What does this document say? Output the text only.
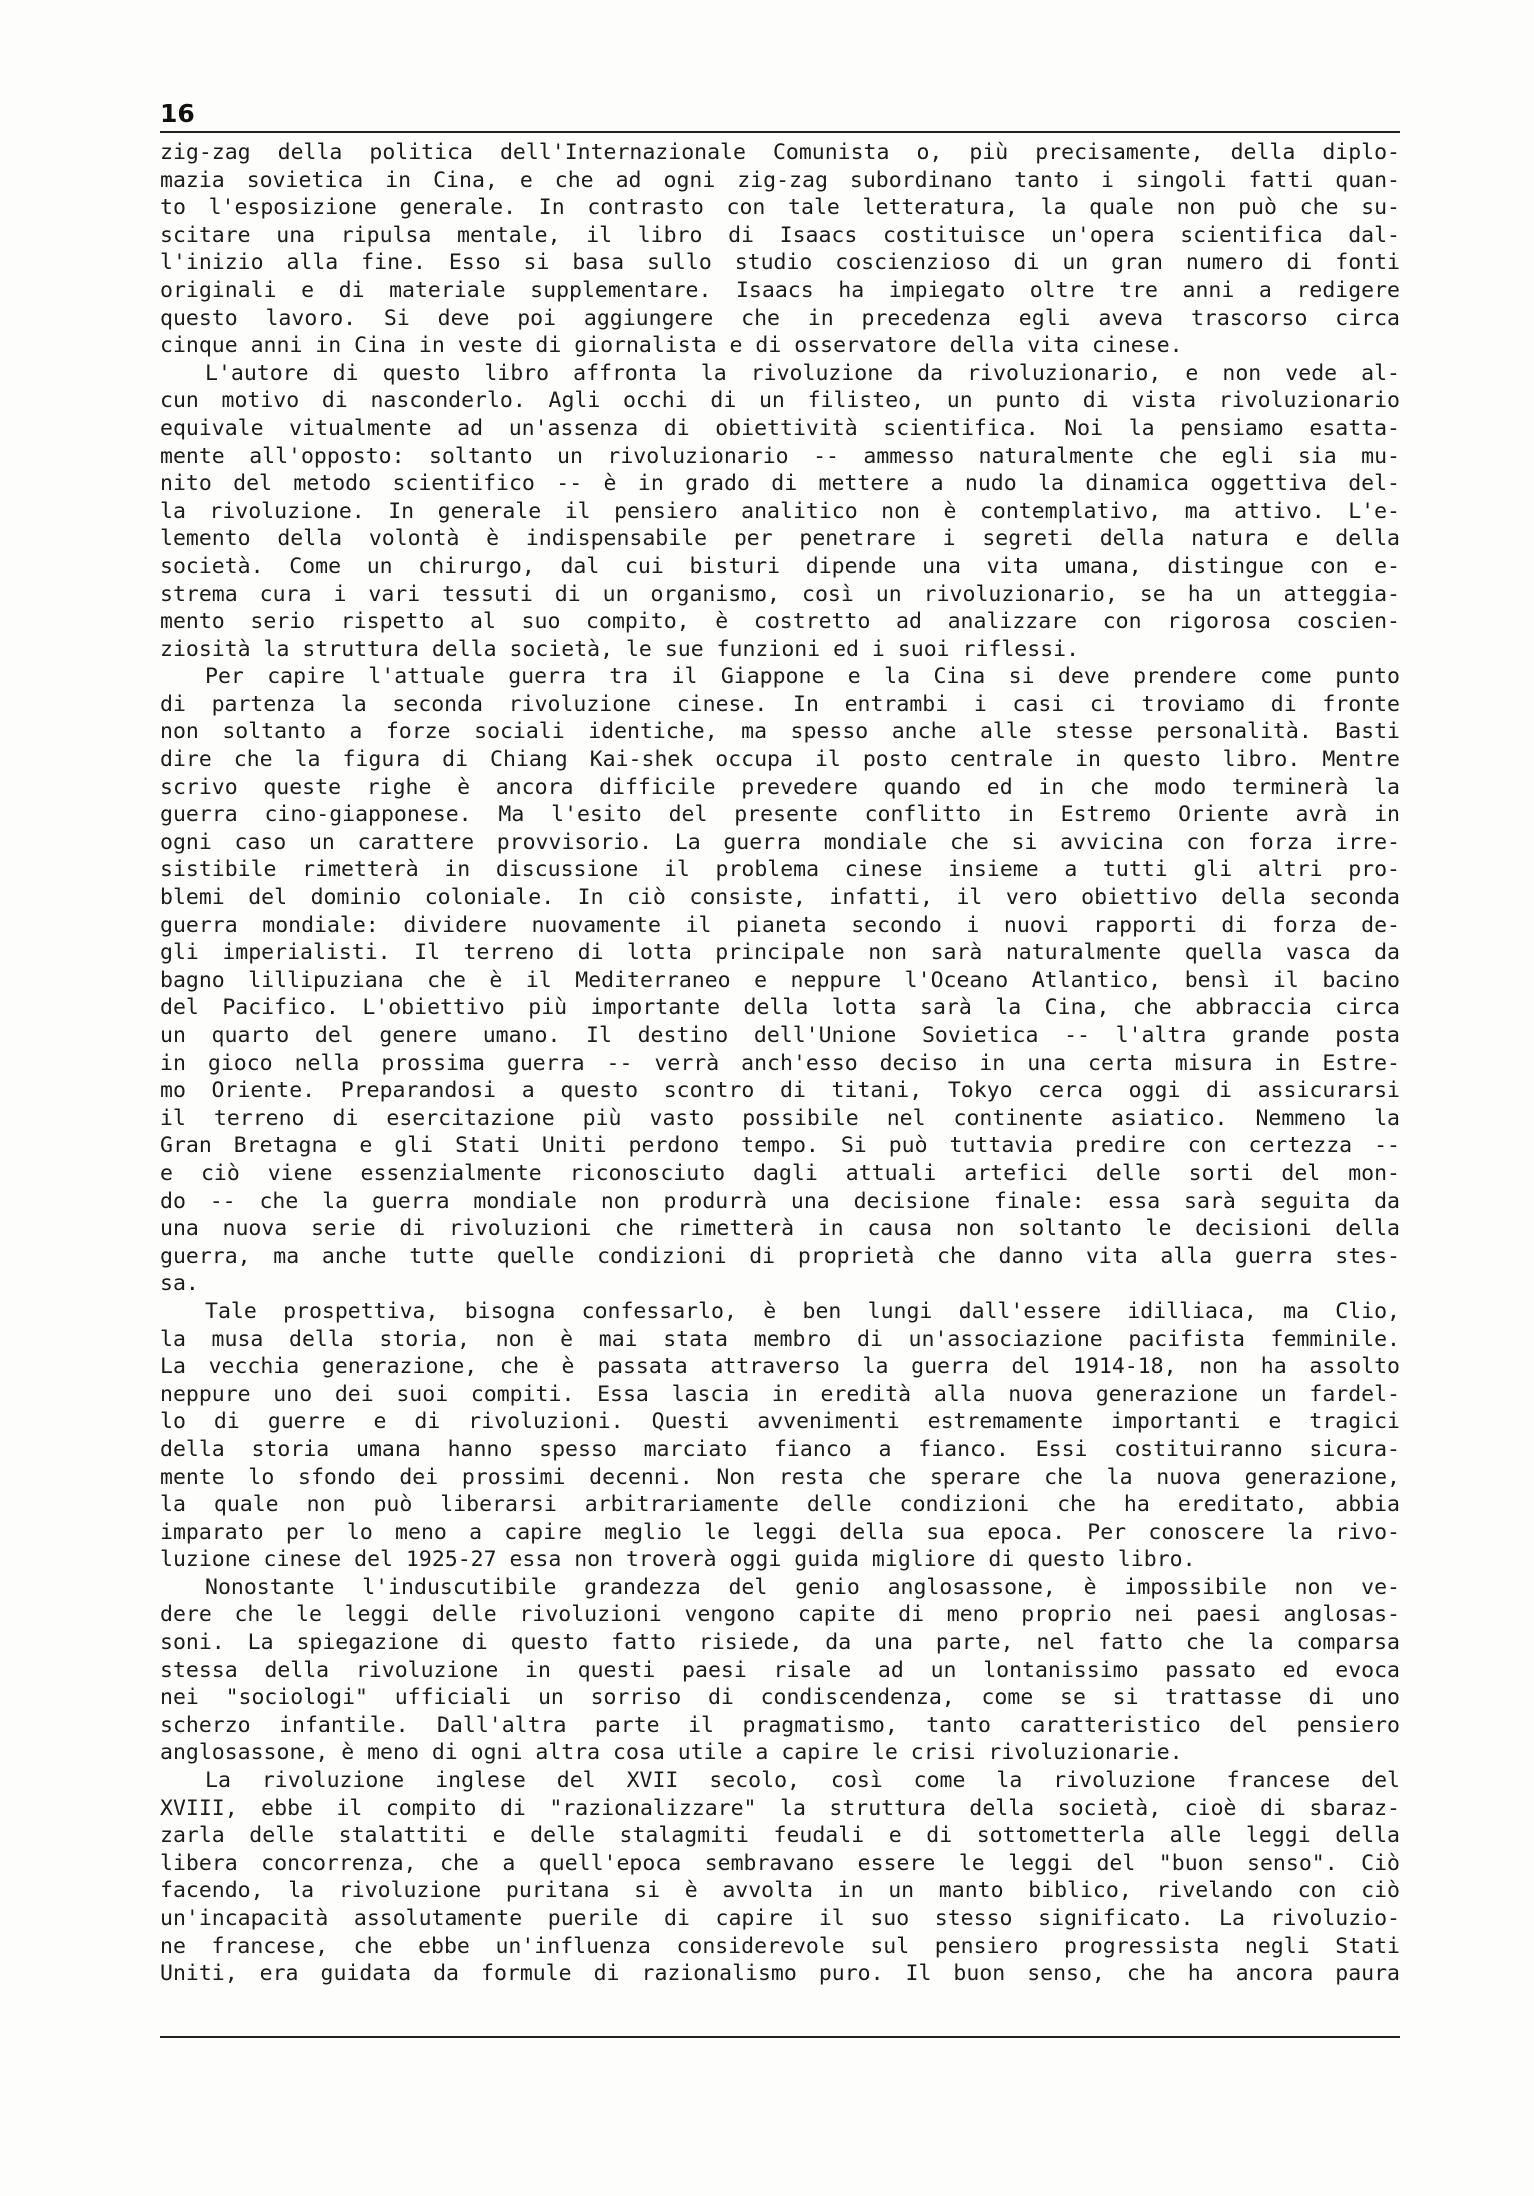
16
zig-zag della politica dell'Internazionale Comunista o, più precisamente, della diplo-
mazia sovietica in Cina, e che ad ogni zig-zag subordinano tanto i singoli fatti quan-
to l'esposizione generale. In contrasto con tale letteratura, la quale non può che su-
scitare una ripulsa mentale, il libro di Isaacs costituisce un'opera scientifica dal-
l'inizio alla fine. Esso si basa sullo studio coscienzioso di un gran numero di fonti
originali e di materiale supplementare. Isaacs ha impiegato oltre tre anni a redigere
questo lavoro. Si deve poi aggiungere che in precedenza egli aveva trascorso circa
cinque anni in Cina in veste di giornalista e di osservatore della vita cinese.
L'autore di questo libro affronta la rivoluzione da rivoluzionario, e non vede al-
cun motivo di nasconderlo. Agli occhi di un filisteo, un punto di vista rivoluzionario
equivale vitualmente ad un'assenza di obiettività scientifica. Noi la pensiamo esatta-
mente all'opposto: soltanto un rivoluzionario -- ammesso naturalmente che egli sia mu-
nito del metodo scientifico -- è in grado di mettere a nudo la dinamica oggettiva del-
la rivoluzione. In generale il pensiero analitico non è contemplativo, ma attivo. L'e-
lemento della volontà è indispensabile per penetrare i segreti della natura e della
società. Come un chirurgo, dal cui bisturi dipende una vita umana, distingue con e-
strema cura i vari tessuti di un organismo, così un rivoluzionario, se ha un atteggia-
mento serio rispetto al suo compito, è costretto ad analizzare con rigorosa coscien-
ziosità la struttura della società, le sue funzioni ed i suoi riflessi.
Per capire l'attuale guerra tra il Giappone e la Cina si deve prendere come punto
di partenza la seconda rivoluzione cinese. In entrambi i casi ci troviamo di fronte
non soltanto a forze sociali identiche, ma spesso anche alle stesse personalità. Basti
dire che la figura di Chiang Kai-shek occupa il posto centrale in questo libro. Mentre
scrivo queste righe è ancora difficile prevedere quando ed in che modo terminerà la
guerra cino-giapponese. Ma l'esito del presente conflitto in Estremo Oriente avrà in
ogni caso un carattere provvisorio. La guerra mondiale che si avvicina con forza irre-
sistibile rimetterà in discussione il problema cinese insieme a tutti gli altri pro-
blemi del dominio coloniale. In ciò consiste, infatti, il vero obiettivo della seconda
guerra mondiale: dividere nuovamente il pianeta secondo i nuovi rapporti di forza de-
gli imperialisti. Il terreno di lotta principale non sarà naturalmente quella vasca da
bagno lillipuziana che è il Mediterraneo e neppure l'Oceano Atlantico, bensì il bacino
del Pacifico. L'obiettivo più importante della lotta sarà la Cina, che abbraccia circa
un quarto del genere umano. Il destino dell'Unione Sovietica -- l'altra grande posta
in gioco nella prossima guerra -- verrà anch'esso deciso in una certa misura in Estre-
mo Oriente. Preparandosi a questo scontro di titani, Tokyo cerca oggi di assicurarsi
il terreno di esercitazione più vasto possibile nel continente asiatico. Nemmeno la
Gran Bretagna e gli Stati Uniti perdono tempo. Si può tuttavia predire con certezza --
e ciò viene essenzialmente riconosciuto dagli attuali artefici delle sorti del mon-
do -- che la guerra mondiale non produrrà una decisione finale: essa sarà seguita da
una nuova serie di rivoluzioni che rimetterà in causa non soltanto le decisioni della
guerra, ma anche tutte quelle condizioni di proprietà che danno vita alla guerra stes-
sa.
Tale prospettiva, bisogna confessarlo, è ben lungi dall'essere idilliaca, ma Clio,
la musa della storia, non è mai stata membro di un'associazione pacifista femminile.
La vecchia generazione, che è passata attraverso la guerra del 1914-18, non ha assolto
neppure uno dei suoi compiti. Essa lascia in eredità alla nuova generazione un fardel-
lo di guerre e di rivoluzioni. Questi avvenimenti estremamente importanti e tragici
della storia umana hanno spesso marciato fianco a fianco. Essi costituiranno sicura-
mente lo sfondo dei prossimi decenni. Non resta che sperare che la nuova generazione,
la quale non può liberarsi arbitrariamente delle condizioni che ha ereditato, abbia
imparato per lo meno a capire meglio le leggi della sua epoca. Per conoscere la rivo-
luzione cinese del 1925-27 essa non troverà oggi guida migliore di questo libro.
Nonostante l'induscutibile grandezza del genio anglosassone, è impossibile non ve-
dere che le leggi delle rivoluzioni vengono capite di meno proprio nei paesi anglosas-
soni. La spiegazione di questo fatto risiede, da una parte, nel fatto che la comparsa
stessa della rivoluzione in questi paesi risale ad un lontanissimo passato ed evoca
nei "sociologi" ufficiali un sorriso di condiscendenza, come se si trattasse di uno
scherzo infantile. Dall'altra parte il pragmatismo, tanto caratteristico del pensiero
anglosassone, è meno di ogni altra cosa utile a capire le crisi rivoluzionarie.
La rivoluzione inglese del XVII secolo, così come la rivoluzione francese del
XVIII, ebbe il compito di "razionalizzare" la struttura della società, cioè di sbaraz-
zarla delle stalattiti e delle stalagmiti feudali e di sottometterla alle leggi della
libera concorrenza, che a quell'epoca sembravano essere le leggi del "buon senso". Ciò
facendo, la rivoluzione puritana si è avvolta in un manto biblico, rivelando con ciò
un'incapacità assolutamente puerile di capire il suo stesso significato. La rivoluzio-
ne francese, che ebbe un'influenza considerevole sul pensiero progressista negli Stati
Uniti, era guidata da formule di razionalismo puro. Il buon senso, che ha ancora paura
